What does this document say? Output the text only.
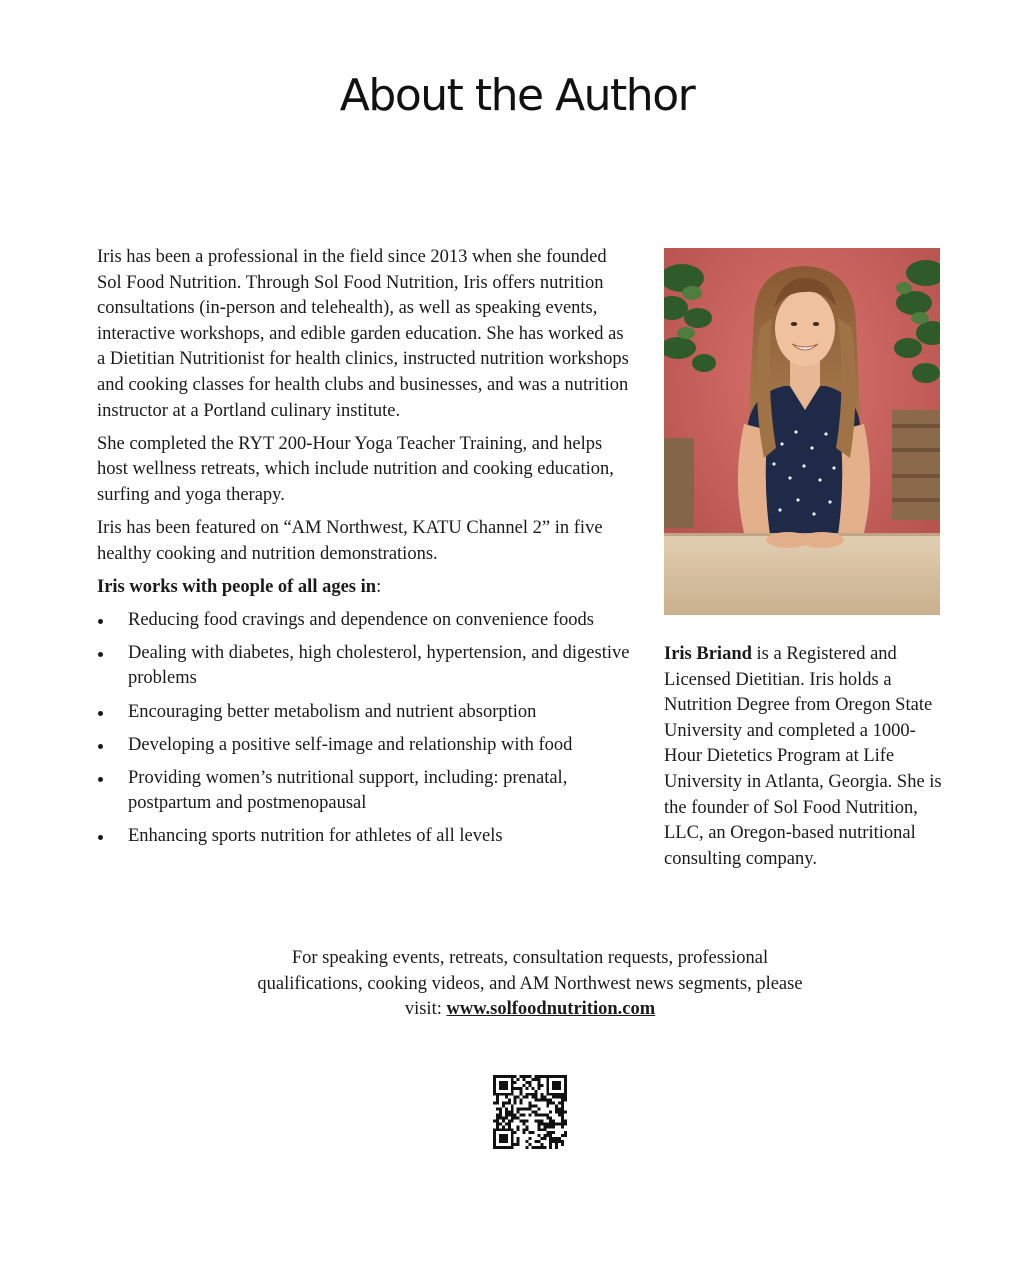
About the Author

Iris has been a professional in the field since 2013 when she founded Sol Food Nutrition. Through Sol Food Nutrition, Iris offers nutrition consultations (in-person and telehealth), as well as speaking events, interactive workshops, and edible garden education. She has worked as a Dietitian Nutritionist for health clinics, instructed nutrition workshops and cooking classes for health clubs and businesses, and was a nutrition instructor at a Portland culinary institute.

She completed the RYT 200-Hour Yoga Teacher Training, and helps host wellness retreats, which include nutrition and cooking education, surfing and yoga therapy.

Iris has been featured on “AM Northwest, KATU Channel 2” in five healthy cooking and nutrition demonstrations.

Iris works with people of all ages in:

Reducing food cravings and dependence on convenience foods
Dealing with diabetes, high cholesterol, hypertension, and digestive problems
Encouraging better metabolism and nutrient absorption
Developing a positive self-image and relationship with food
Providing women’s nutritional support, including: prenatal, postpartum and postmenopausal
Enhancing sports nutrition for athletes of all levels
Iris Briand is a Registered and Licensed Dietitian. Iris holds a Nutrition Degree from Oregon State University and completed a 1000-Hour Dietetics Program at Life University in Atlanta, Georgia. She is the founder of Sol Food Nutrition, LLC, an Oregon-based nutritional consulting company.
For speaking events, retreats, consultation requests, professional qualifications, cooking videos, and AM Northwest news segments, please visit: www.solfoodnutrition.com
